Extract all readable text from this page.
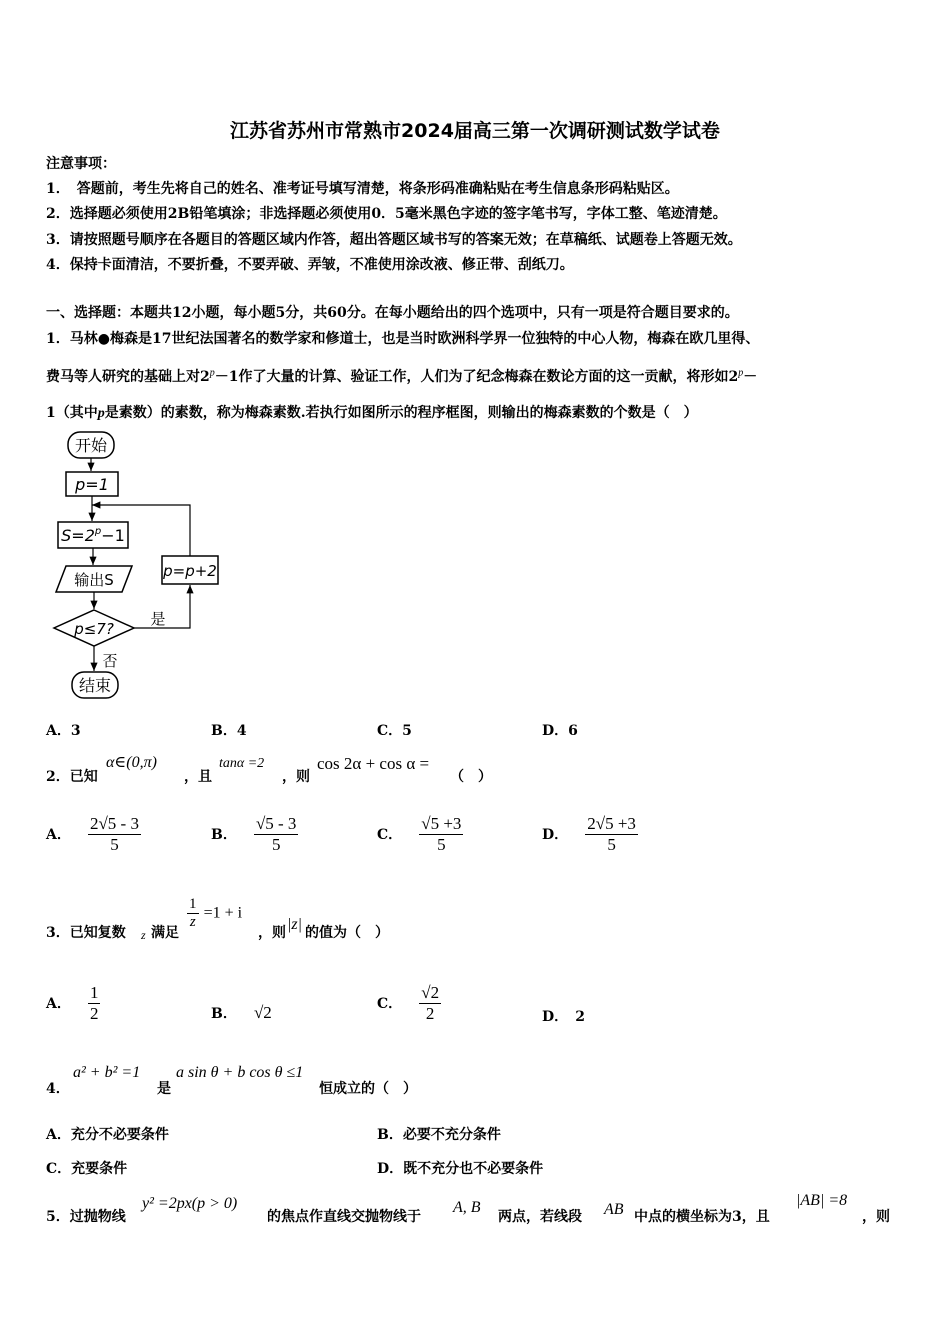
江苏省苏州市常熟市2024届高三第一次调研测试数学试卷
注意事项：
1．　答题前，考生先将自己的姓名、准考证号填写清楚，将条形码准确粘贴在考生信息条形码粘贴区。
2．选择题必须使用2B铅笔填涂；非选择题必须使用0．5毫米黑色字迹的签字笔书写，字体工整、笔迹清楚。
3．请按照题号顺序在各题目的答题区域内作答，超出答题区域书写的答案无效；在草稿纸、试题卷上答题无效。
4．保持卡面清洁，不要折叠，不要弄破、弄皱，不准使用涂改液、修正带、刮纸刀。
一、选择题：本题共12小题，每小题5分，共60分。在每小题给出的四个选项中，只有一项是符合题目要求的。
1．马林●梅森是17世纪法国著名的数学家和修道士，也是当时欧洲科学界一位独特的中心人物，梅森在欧几里得、
费马等人研究的基础上对$2^p-1$作了大量的计算、验证工作，人们为了纪念梅森在数论方面的这一贡献，将形如$2^p-$
1（其中p是素数）的素数，称为梅森素数.若执行如图所示的程序框图，则输出的梅森素数的个数是（　）
开始
p=1
$S=2^p-1$
输出S	p=p+2
p≤7?
是
否
结束
A．3	B．4	C．5	D．6
2．已知
α∈(0,π)
，且
tanα =2
，则
cos 2α + cos α =
（　）
A． $\frac{2√5 - 3}{5}$	B． $\frac{√5 - 3}{5}$	C． $\frac{√5 +3}{5}$	D． $\frac{2√5 +3}{5}$
3．已知复数 z 满足
$\frac{1}{z} =1 + i$
，则 |z| 的值为（　）
A． $\frac{1}{2}$	B． √2	C． $\frac{√2}{2}$	D． 2
4．
a² + b² =1
是
a sin θ + b cos θ ≤1
恒成立的（　）
A．充分不必要条件	B．必要不充分条件
C．充要条件	D．既不充分也不必要条件
5．过抛物线
y² =2px(p > 0)
的焦点作直线交抛物线于
A, B
两点，若线段 AB 中点的横坐标为3，且
|AB| =8
，则
